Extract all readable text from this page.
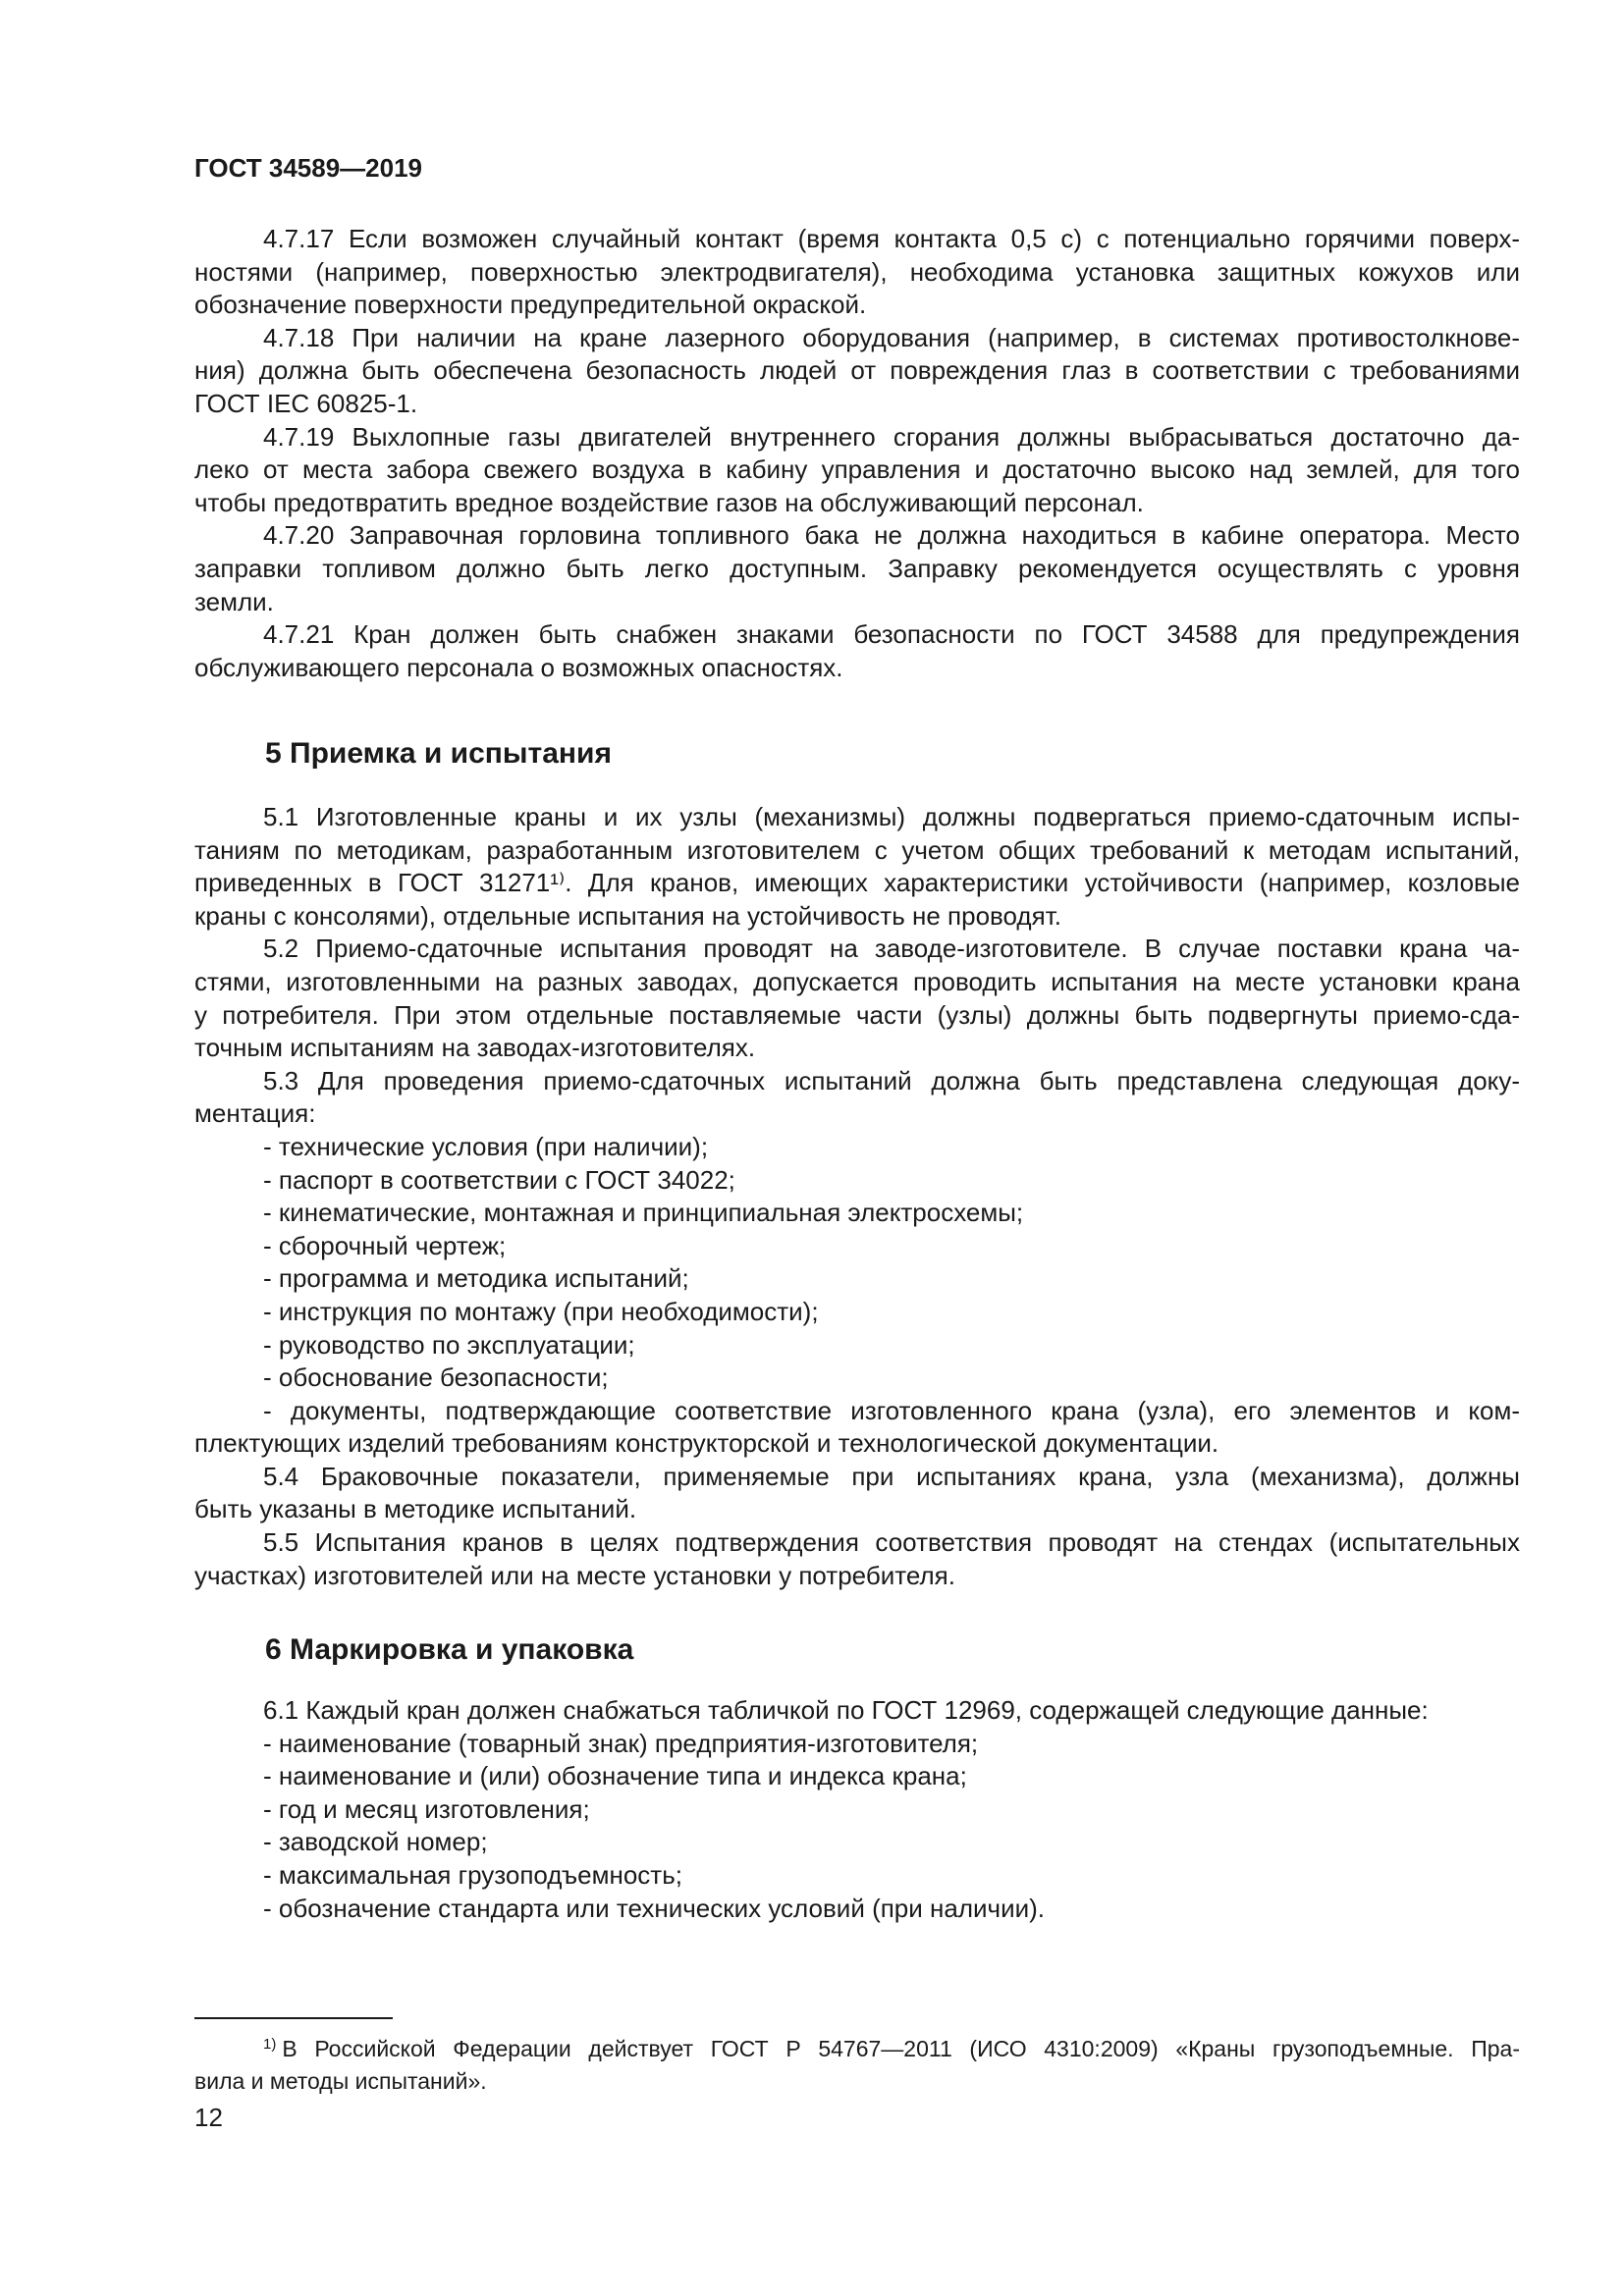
ГОСТ 34589—2019
4.7.17 Если возможен случайный контакт (время контакта 0,5 с) с потенциально горячими поверх-
ностями (например, поверхностью электродвигателя), необходима установка защитных кожухов или
обозначение поверхности предупредительной окраской.
4.7.18 При наличии на кране лазерного оборудования (например, в системах противостолкнове-
ния) должна быть обеспечена безопасность людей от повреждения глаз в соответствии с требованиями
ГОСТ IEC 60825-1.
4.7.19 Выхлопные газы двигателей внутреннего сгорания должны выбрасываться достаточно да-
леко от места забора свежего воздуха в кабину управления и достаточно высоко над землей, для того
чтобы предотвратить вредное воздействие газов на обслуживающий персонал.
4.7.20 Заправочная горловина топливного бака не должна находиться в кабине оператора. Место
заправки топливом должно быть легко доступным. Заправку рекомендуется осуществлять с уровня
земли.
4.7.21 Кран должен быть снабжен знаками безопасности по ГОСТ 34588 для предупреждения
обслуживающего персонала о возможных опасностях.
5 Приемка и испытания
5.1 Изготовленные краны и их узлы (механизмы) должны подвергаться приемо-сдаточным испы-
таниям по методикам, разработанным изготовителем с учетом общих требований к методам испытаний,
приведенных в ГОСТ 31271¹⁾. Для кранов, имеющих характеристики устойчивости (например, козловые
краны с консолями), отдельные испытания на устойчивость не проводят.
5.2 Приемо-сдаточные испытания проводят на заводе-изготовителе. В случае поставки крана ча-
стями, изготовленными на разных заводах, допускается проводить испытания на месте установки крана
у потребителя. При этом отдельные поставляемые части (узлы) должны быть подвергнуты приемо-сда-
точным испытаниям на заводах-изготовителях.
5.3 Для проведения приемо-сдаточных испытаний должна быть представлена следующая доку-
ментация:
- технические условия (при наличии);
- паспорт в соответствии с ГОСТ 34022;
- кинематические, монтажная и принципиальная электросхемы;
- сборочный чертеж;
- программа и методика испытаний;
- инструкция по монтажу (при необходимости);
- руководство по эксплуатации;
- обоснование безопасности;
- документы, подтверждающие соответствие изготовленного крана (узла), его элементов и ком-
плектующих изделий требованиям конструкторской и технологической документации.
5.4 Браковочные показатели, применяемые при испытаниях крана, узла (механизма), должны
быть указаны в методике испытаний.
5.5 Испытания кранов в целях подтверждения соответствия проводят на стендах (испытательных
участках) изготовителей или на месте установки у потребителя.
6 Маркировка и упаковка
6.1 Каждый кран должен снабжаться табличкой по ГОСТ 12969, содержащей следующие данные:
- наименование (товарный знак) предприятия-изготовителя;
- наименование и (или) обозначение типа и индекса крана;
- год и месяц изготовления;
- заводской номер;
- максимальная грузоподъемность;
- обозначение стандарта или технических условий (при наличии).
$^{1)}$ В Российской Федерации действует ГОСТ Р 54767—2011 (ИСО 4310:2009) «Краны грузоподъемные. Пра-
вила и методы испытаний».
12
